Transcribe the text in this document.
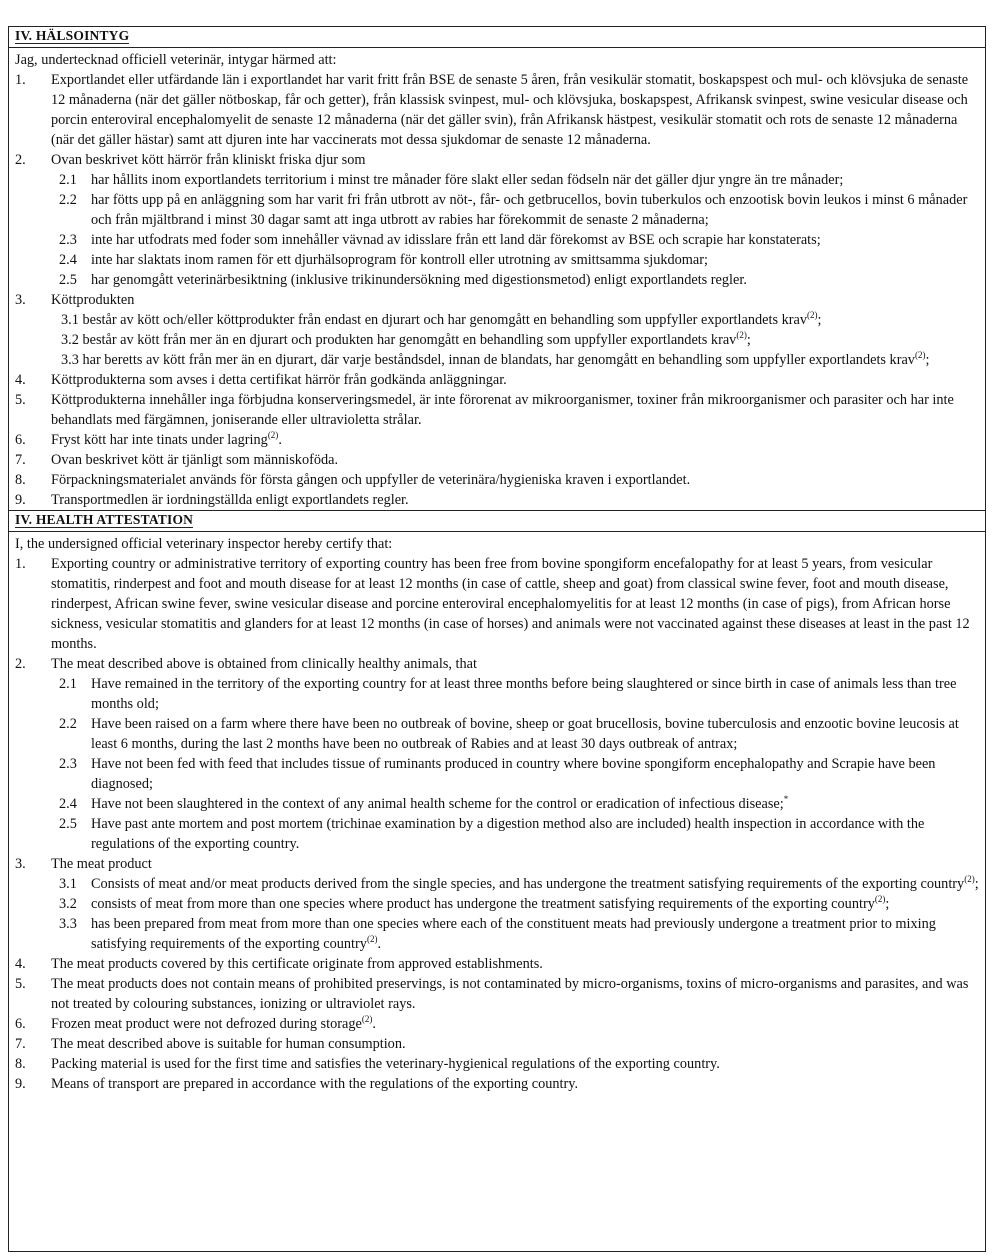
IV. HÄLSOINTYG
Jag, undertecknad officiell veterinär, intygar härmed att:
1.	Exportlandet eller utfärdande län i exportlandet har varit fritt från BSE de senaste 5 åren, från vesikulär stomatit, boskapspest och mul- och klövsjuka de senaste 12 månaderna (när det gäller nötboskap, får och getter), från klassisk svinpest, mul- och klövsjuka, boskapspest, Afrikansk svinpest, swine vesicular disease och porcin enteroviral encephalomyelit de senaste 12 månaderna (när det gäller svin), från Afrikansk hästpest, vesikulär stomatit och rots de senaste 12 månaderna (när det gäller hästar) samt att djuren inte har vaccinerats mot dessa sjukdomar de senaste 12 månaderna.
2.	Ovan beskrivet kött härrör från kliniskt friska djur som
2.1 har hållits inom exportlandets territorium i minst tre månader före slakt eller sedan födseln när det gäller djur yngre än tre månader;
2.2 har fötts upp på en anläggning som har varit fri från utbrott av nöt-, får- och getbrucellos, bovin tuberkulos och enzootisk bovin leukos i minst 6 månader och från mjältbrand i minst 30 dagar samt att inga utbrott av rabies har förekommit de senaste 2 månaderna;
2.3 inte har utfodrats med foder som innehåller vävnad av idisslare från ett land där förekomst av BSE och scrapie har konstaterats;
2.4 inte har slaktats inom ramen för ett djurhälsoprogram för kontroll eller utrotning av smittsamma sjukdomar;
2.5 har genomgått veterinärbesiktning (inklusive trikinundersökning med digestionsmetod) enligt exportlandets regler.
3.	Köttprodukten
3.1 består av kött och/eller köttprodukter från endast en djurart och har genomgått en behandling som uppfyller exportlandets krav$^{(2)}$;
3.2 består av kött från mer än en djurart och produkten har genomgått en behandling som uppfyller exportlandets krav$^{(2)}$;
3.3 har beretts av kött från mer än en djurart, där varje beståndsdel, innan de blandats, har genomgått en behandling som uppfyller exportlandets krav$^{(2)}$;
4.	Köttprodukterna som avses i detta certifikat härrör från godkända anläggningar.
5.	Köttprodukterna innehåller inga förbjudna konserveringsmedel, är inte förorenat av mikroorganismer, toxiner från mikroorganismer och parasiter och har inte behandlats med färgämnen, joniserande eller ultravioletta strålar.
6.	Fryst kött har inte tinats under lagring$^{(2)}$.
7.	Ovan beskrivet kött är tjänligt som människoföda.
8.	Förpackningsmaterialet används för första gången och uppfyller de veterinära/hygieniska kraven i exportlandet.
9.	Transportmedlen är iordningställda enligt exportlandets regler.
IV. HEALTH ATTESTATION
I, the undersigned official veterinary inspector hereby certify that:
1.	Exporting country or administrative territory of exporting country has been free from bovine spongiform encefalopathy for at least 5 years, from vesicular stomatitis, rinderpest and foot and mouth disease for at least 12 months (in case of cattle, sheep and goat) from classical swine fever, foot and mouth disease, rinderpest, African swine fever, swine vesicular disease and porcine enteroviral encephalomyelitis for at least 12 months (in case of pigs), from African horse sickness, vesicular stomatitis and glanders for at least 12 months (in case of horses) and animals were not vaccinated against these diseases at least in the past 12 months.
2.	The meat described above is obtained from clinically healthy animals, that
2.1 Have remained in the territory of the exporting country for at least three months before being slaughtered or since birth in case of animals less than tree months old;
2.2 Have been raised on a farm where there have been no outbreak of bovine, sheep or goat brucellosis, bovine tuberculosis and enzootic bovine leucosis at least 6 months, during the last 2 months have been no outbreak of Rabies and at least 30 days outbreak of antrax;
2.3 Have not been fed with feed that includes tissue of ruminants produced in country where bovine spongiform encephalopathy and Scrapie have been diagnosed;
2.4 Have not been slaughtered in the context of any animal health scheme for the control or eradication of infectious disease;*
2.5 Have past ante mortem and post mortem (trichinae examination by a digestion method also are included) health inspection in accordance with the regulations of the exporting country.
3.	The meat product
3.1 Consists of meat and/or meat products derived from the single species, and has undergone the treatment satisfying requirements of the exporting country$^{(2)}$;
3.2 consists of meat from more than one species where product has undergone the treatment satisfying requirements of the exporting country$^{(2)}$;
3.3 has been prepared from meat from more than one species where each of the constituent meats had previously undergone a treatment prior to mixing satisfying requirements of the exporting country$^{(2)}$.
4.	The meat products covered by this certificate originate from approved establishments.
5.	The meat products does not contain means of prohibited preservings, is not contaminated by micro-organisms, toxins of micro-organisms and parasites, and was not treated by colouring substances, ionizing or ultraviolet rays.
6.	Frozen meat product were not defrozed during storage$^{(2)}$.
7.	The meat described above is suitable for human consumption.
8.	Packing material is used for the first time and satisfies the veterinary-hygienical regulations of the exporting country.
9.	Means of transport are prepared in accordance with the regulations of the exporting country.
